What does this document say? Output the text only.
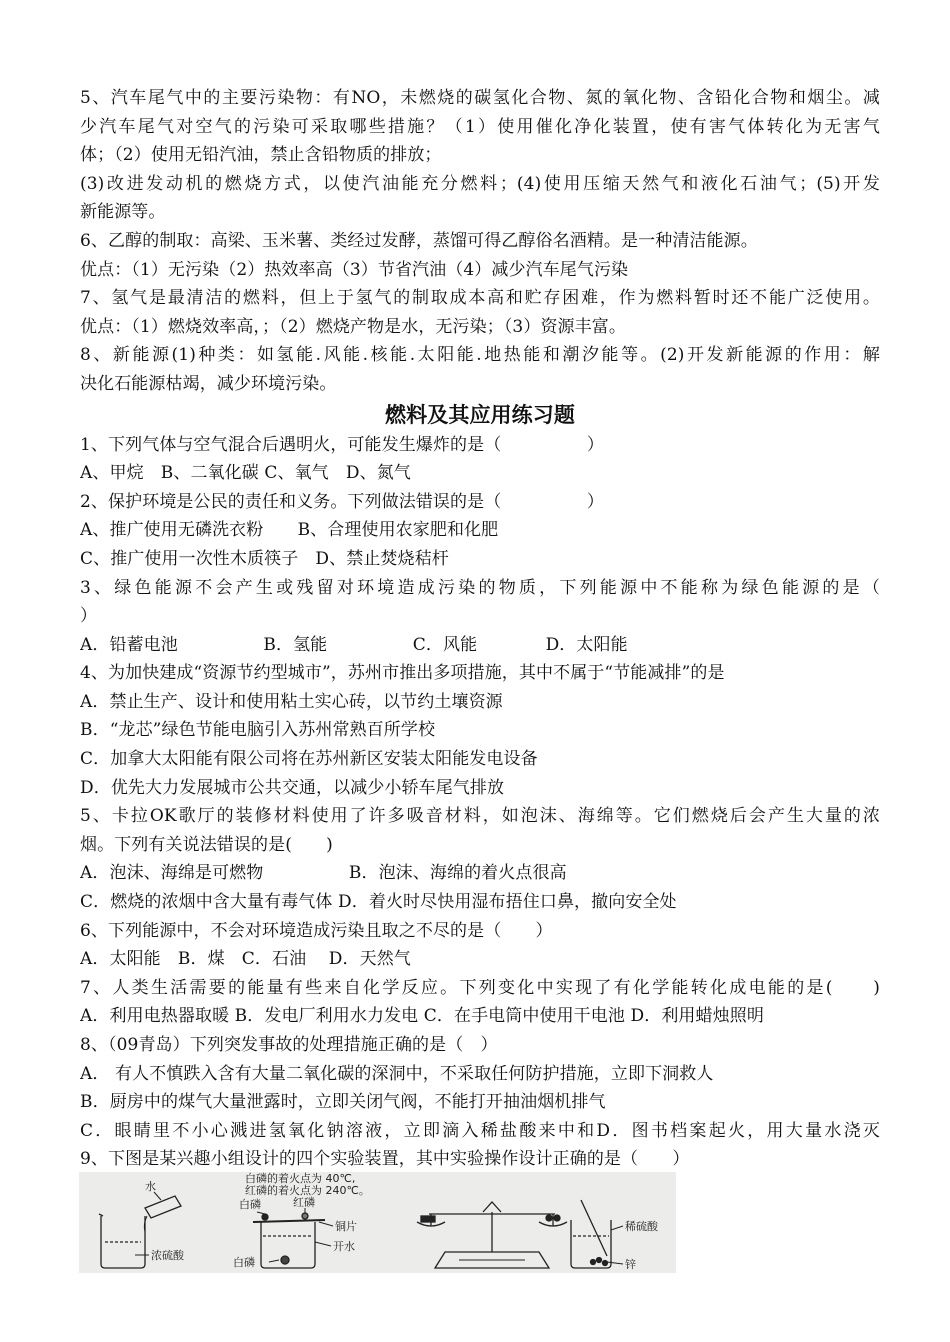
5、汽车尾气中的主要污染物：有NO，未燃烧的碳氢化合物、氮的氧化物、含铅化合物和烟尘。减
少汽车尾气对空气的污染可采取哪些措施？（1）使用催化净化装置，使有害气体转化为无害气
体；（2）使用无铅汽油，禁止含铅物质的排放；
(3)改进发动机的燃烧方式，以使汽油能充分燃料；(4)使用压缩天然气和液化石油气；(5)开发
新能源等。
6、乙醇的制取：高梁、玉米薯、类经过发酵，蒸馏可得乙醇俗名酒精。是一种清洁能源。
优点：（1）无污染（2）热效率高（3）节省汽油（4）减少汽车尾气污染
7、氢气是最清洁的燃料，但上于氢气的制取成本高和贮存困难，作为燃料暂时还不能广泛使用。
优点：（1）燃烧效率高，；（2）燃烧产物是水，无污染；（3）资源丰富。
8、新能源(1)种类：如氢能.风能.核能.太阳能.地热能和潮汐能等。(2)开发新能源的作用：解
决化石能源枯竭，减少环境污染。
燃料及其应用练习题
1、下列气体与空气混合后遇明火，可能发生爆炸的是（　　　　　）
A、甲烷　B、二氧化碳 C、氧气　D、氮气
2、保护环境是公民的责任和义务。下列做法错误的是（　　　　　）
A、推广使用无磷洗衣粉　　B、合理使用农家肥和化肥
C、推广使用一次性木质筷子　D、禁止焚烧秸杆
3、绿色能源不会产生或残留对环境造成污染的物质，下列能源中不能称为绿色能源的是（
）
A．铅蓄电池　　　　　B．氢能　　　　　C．风能　　　　D．太阳能
4、为加快建成“资源节约型城市”，苏州市推出多项措施，其中不属于“节能减排”的是
A．禁止生产、设计和使用粘土实心砖，以节约土壤资源
B．“龙芯”绿色节能电脑引入苏州常熟百所学校
C．加拿大太阳能有限公司将在苏州新区安装太阳能发电设备
D．优先大力发展城市公共交通，以减少小轿车尾气排放
5、卡拉OK歌厅的装修材料使用了许多吸音材料，如泡沫、海绵等。它们燃烧后会产生大量的浓
烟。下列有关说法错误的是(　　)
A．泡沫、海绵是可燃物　　　　　B．泡沫、海绵的着火点很高
C．燃烧的浓烟中含大量有毒气体 D．着火时尽快用湿布捂住口鼻，撤向安全处
6、下列能源中，不会对环境造成污染且取之不尽的是（　　）
A．太阳能　B．煤　C．石油　 D．天然气
7、人类生活需要的能量有些来自化学反应。下列变化中实现了有化学能转化成电能的是(　　)
A．利用电热器取暖 B．发电厂利用水力发电 C．在手电筒中使用干电池 D．利用蜡烛照明
8、（09青岛）下列突发事故的处理措施正确的是（　）
A． 有人不慎跌入含有大量二氧化碳的深洞中，不采取任何防护措施，立即下洞救人
B．厨房中的煤气大量泄露时，立即关闭气阀，不能打开抽油烟机排气
C．眼睛里不小心溅进氢氧化钠溶液，立即滴入稀盐酸来中和D．图书档案起火，用大量水浇灭
9、下图是某兴趣小组设计的四个实验装置，其中实验操作设计正确的是（　　）
水
浓硫酸
白磷的着火点为 40℃,
红磷的着火点为 240℃。
白磷	红磷
铜片
开水
白磷
稀硫酸
锌
